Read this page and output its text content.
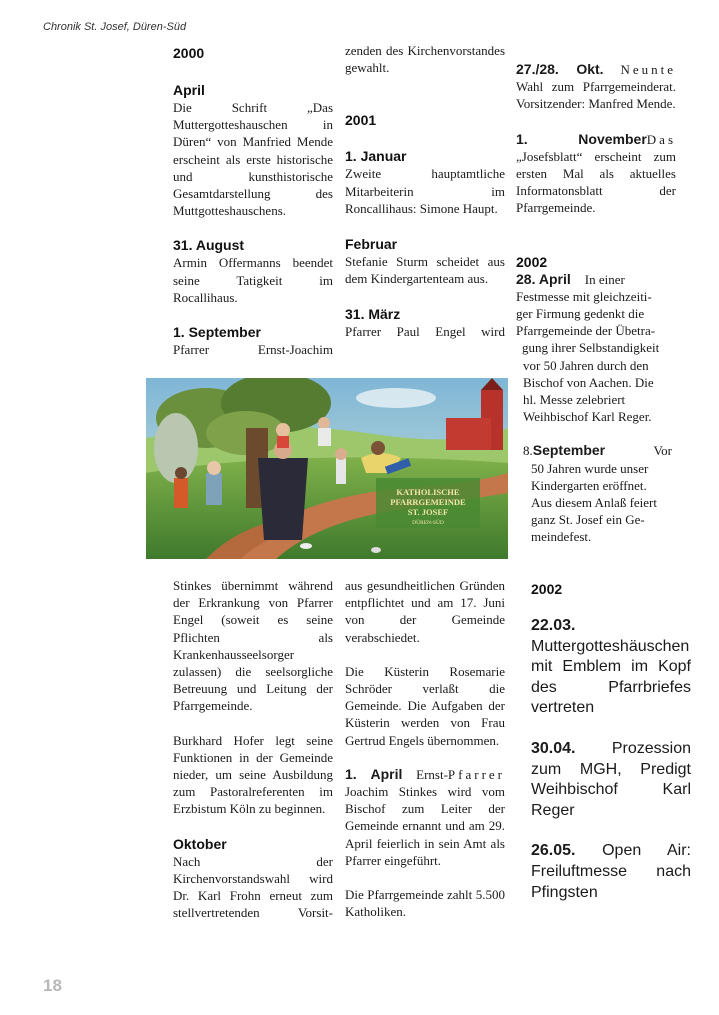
Chronik St. Josef, Düren-Süd
2000
April

Die Schrift „Das Muttergotteshauschen in Düren“ von Manfried Mende erscheint als erste historische und kunsthistorische Gesamtdarstellung des Muttgotteshauschens.

31. August

Armin Offermanns beendet seine Tatigkeit im Rocallihaus.

1. September

Pfarrer Ernst-Joachim

zenden des Kirchenvorstandes gewahlt.

2001
1. Januar

Zweite hauptamtliche Mitarbeiterin im Roncallihaus: Simone Haupt.

Februar

Stefanie Sturm scheidet aus dem Kindergartenteam aus.

31. März

Pfarrer Paul Engel wird

27./28. Okt. Neunte Wahl zum Pfarrgemeinderat. Vorsitzender: Manfred Mende.

1. November Das
„Josefsblatt“ erscheint zum ersten Mal als aktuelles Informatonsblatt der Pfarrgemeinde.

2002
28. April In einer
Festmesse mit gleichzeiti-
ger Firmung gedenkt die
Pfarrgemeinde der Übetra-
gung ihrer Selbstandigkeit
vor 50 Jahren durch den
Bischof von Aachen. Die
hl. Messe zelebriert
Weihbischof Karl Reger.
8.September	Vor
50 Jahren wurde unser
Kindergarten eröffnet.
Aus diesem Anlaß feiert
ganz St. Josef ein Ge-
meindefest.
2002

22.03. Muttergotteshäuschen mit Emblem im Kopf des Pfarrbriefes vertreten

30.04. Prozession zum MGH, Predigt Weihbischof Karl Reger

26.05. Open Air: Freiluftmesse nach Pfingsten

KATHOLISCHE
PFARRGEMEINDE
ST. JOSEF
DÜREN-SÜD

Stinkes übernimmt während der Erkrankung von Pfarrer Engel (soweit es seine Pflichten als Krankenhausseelsorger zulassen) die seelsorgliche Betreuung und Leitung der Pfarrgemeinde.

Burkhard Hofer legt seine Funktionen in der Gemeinde nieder, um seine Ausbildung zum Pastoralreferenten im Erzbistum Köln zu beginnen.

Oktober

Nach der Kirchenvorstandswahl wird Dr. Karl Frohn erneut zum stellvertretenden Vorsit-

aus gesundheitlichen Gründen entpflichtet und am 17. Juni von der Gemeinde verabschiedet.

Die Küsterin Rosemarie Schröder verlaßt die Gemeinde. Die Aufgaben der Küsterin werden von Frau Gertrud Engels übernommen.

1. April	Pfarrer
Ernst-Joachim Stinkes wird vom Bischof zum Leiter der Gemeinde ernannt und am 29. April feierlich in sein Amt als Pfarrer eingeführt.

Die Pfarrgemeinde zahlt 5.500 Katholiken.

18
